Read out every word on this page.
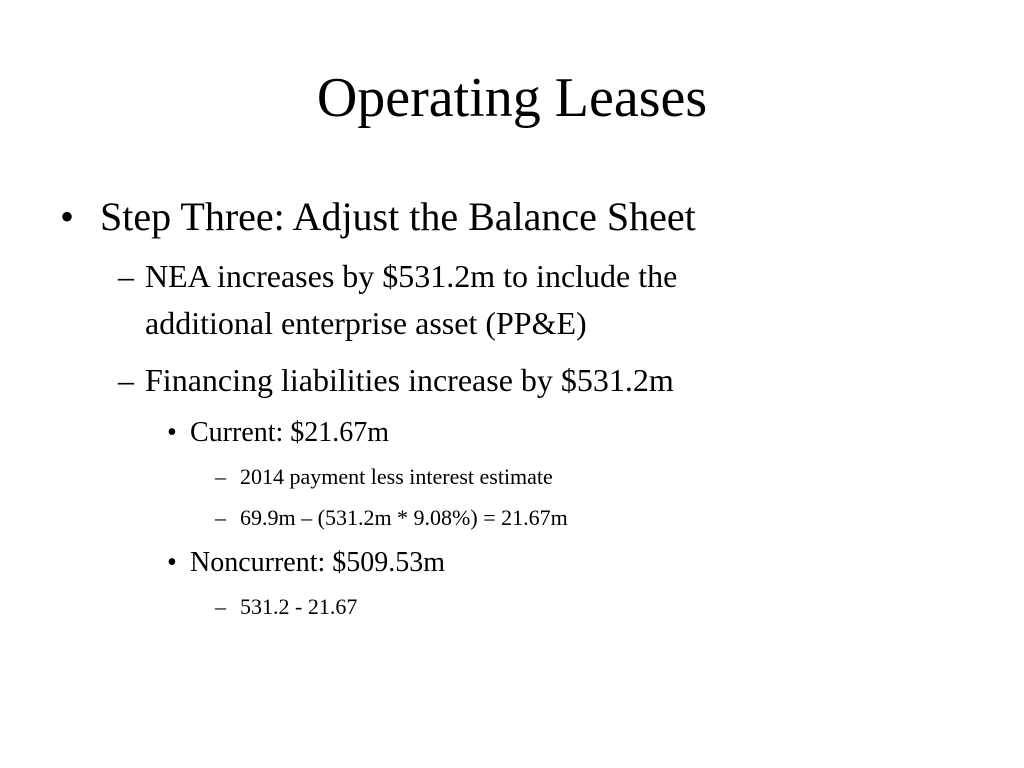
Operating Leases
• Step Three: Adjust the Balance Sheet
– NEA increases by $531.2m to include the
additional enterprise asset (PP&E)
– Financing liabilities increase by $531.2m
• Current: $21.67m
– 2014 payment less interest estimate
– 69.9m – (531.2m * 9.08%) = 21.67m
• Noncurrent: $509.53m
– 531.2 - 21.67
